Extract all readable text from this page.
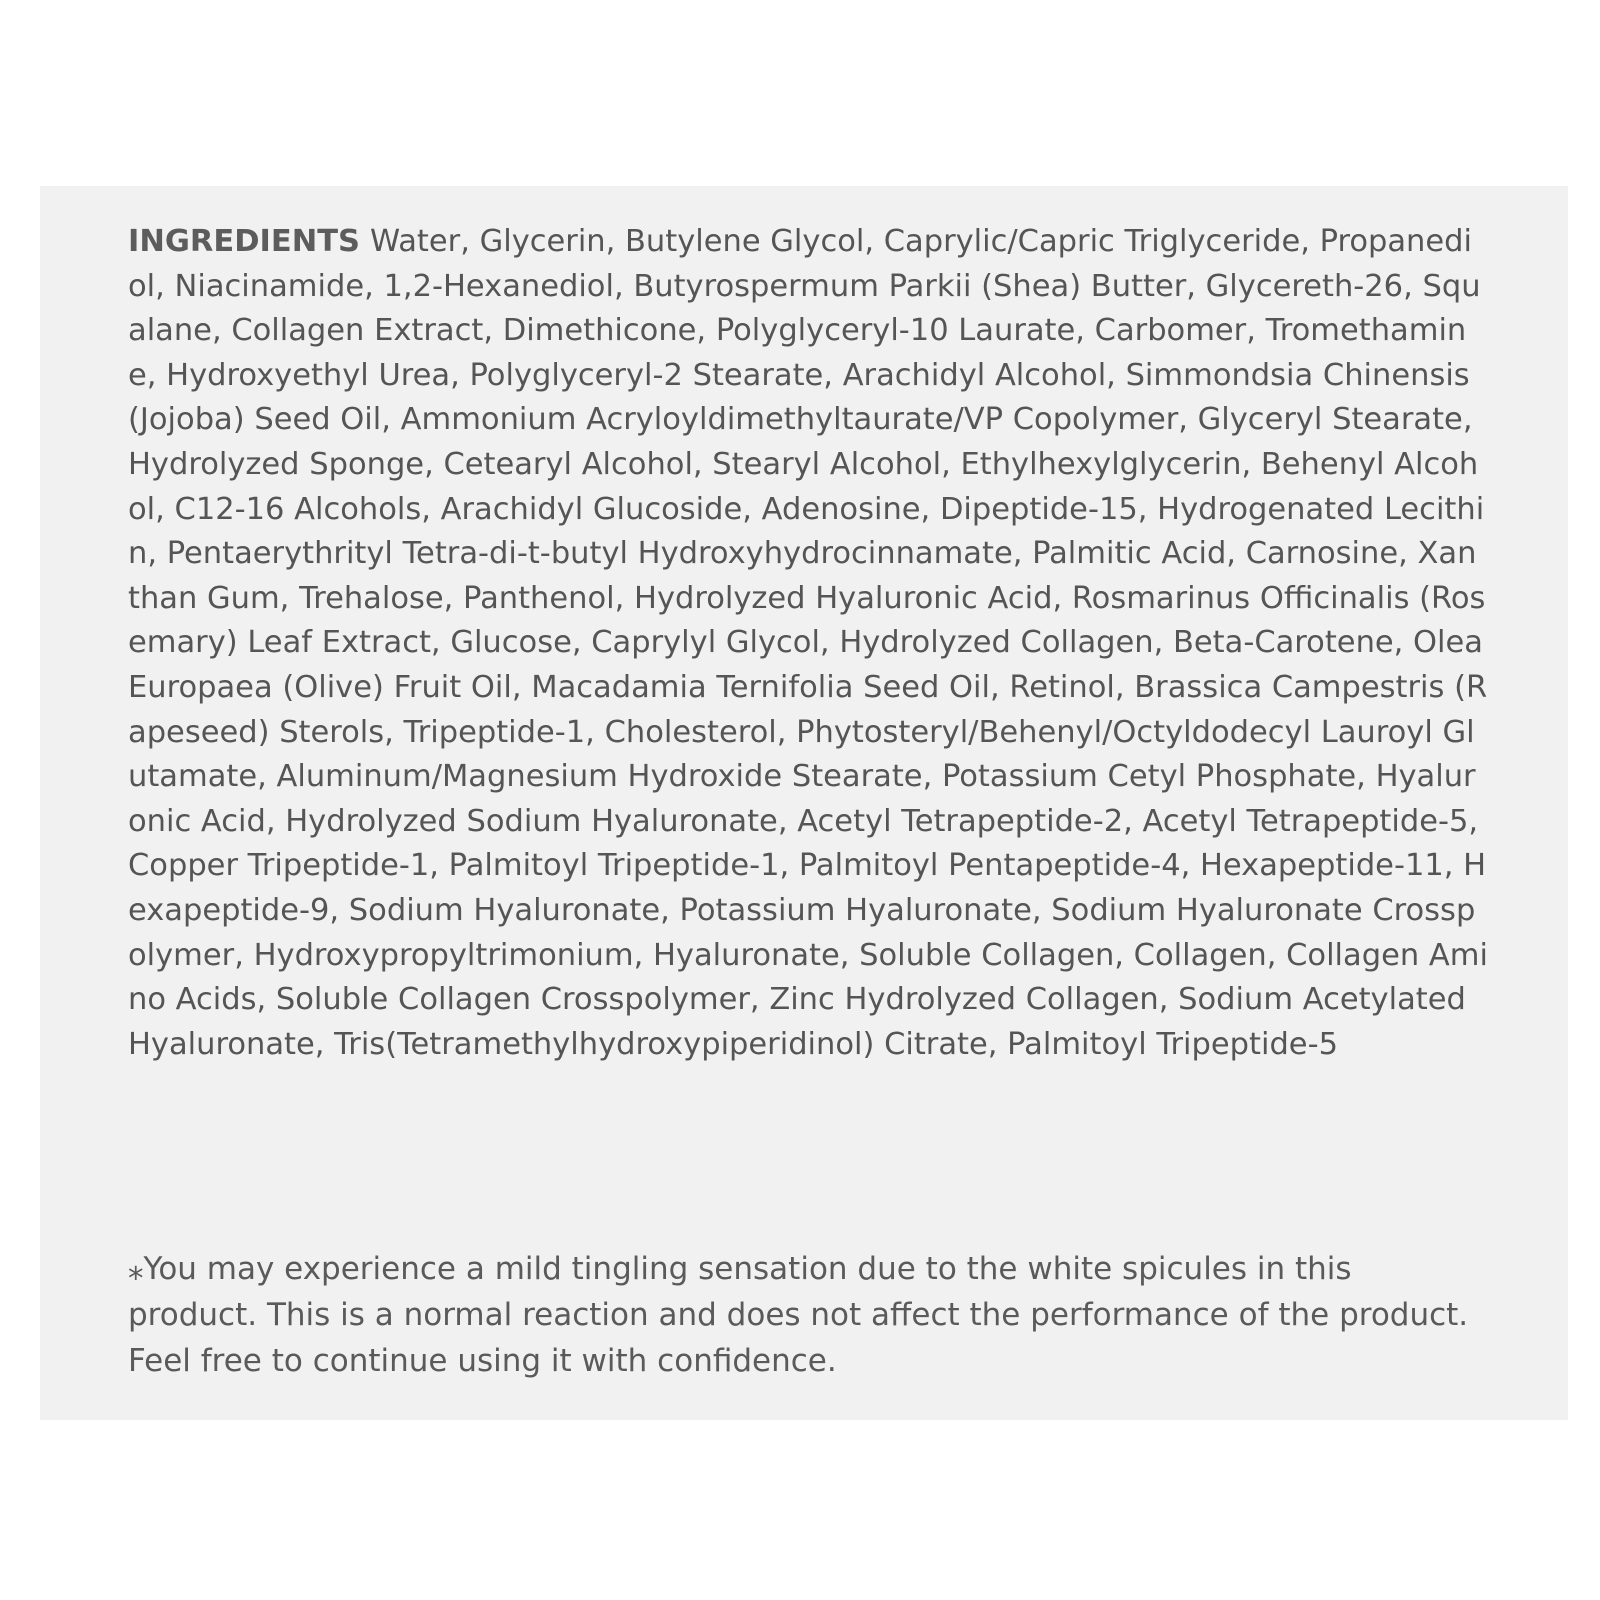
INGREDIENTS Water, Glycerin, Butylene Glycol, Caprylic/Capric Triglyceride, Propanediol, Niacinamide, 1,2-Hexanediol, Butyrospermum Parkii (Shea) Butter, Glycereth-26, Squalane, Collagen Extract, Dimethicone, Polyglyceryl-10 Laurate, Carbomer, Tromethamine, Hydroxyethyl Urea, Polyglyceryl-2 Stearate, Arachidyl Alcohol, Simmondsia Chinensis (Jojoba) Seed Oil, Ammonium Acryloyldimethyltaurate/VP Copolymer, Glyceryl Stearate, Hydrolyzed Sponge, Cetearyl Alcohol, Stearyl Alcohol, Ethylhexylglycerin, Behenyl Alcohol, C12-16 Alcohols, Arachidyl Glucoside, Adenosine, Dipeptide-15, Hydrogenated Lecithin, Pentaerythrityl Tetra-di-t-butyl Hydroxyhydrocinnamate, Palmitic Acid, Carnosine, Xanthan Gum, Trehalose, Panthenol, Hydrolyzed Hyaluronic Acid, Rosmarinus Officinalis (Rosemary) Leaf Extract, Glucose, Caprylyl Glycol, Hydrolyzed Collagen, Beta-Carotene, Olea Europaea (Olive) Fruit Oil, Macadamia Ternifolia Seed Oil, Retinol, Brassica Campestris (Rapeseed) Sterols, Tripeptide-1, Cholesterol, Phytosteryl/Behenyl/Octyldodecyl Lauroyl Glutamate, Aluminum/Magnesium Hydroxide Stearate, Potassium Cetyl Phosphate, Hyaluronic Acid, Hydrolyzed Sodium Hyaluronate, Acetyl Tetrapeptide-2, Acetyl Tetrapeptide-5, Copper Tripeptide-1, Palmitoyl Tripeptide-1, Palmitoyl Pentapeptide-4, Hexapeptide-11, Hexapeptide-9, Sodium Hyaluronate, Potassium Hyaluronate, Sodium Hyaluronate Crosspolymer, Hydroxypropyltrimonium, Hyaluronate, Soluble Collagen, Collagen, Collagen Amino Acids, Soluble Collagen Crosspolymer, Zinc Hydrolyzed Collagen, Sodium Acetylated Hyaluronate, Tris(Tetramethylhydroxypiperidinol) Citrate, Palmitoyl Tripeptide-5
⁎You may experience a mild tingling sensation due to the white spicules in this product. This is a normal reaction and does not affect the performance of the product. Feel free to continue using it with confidence.
